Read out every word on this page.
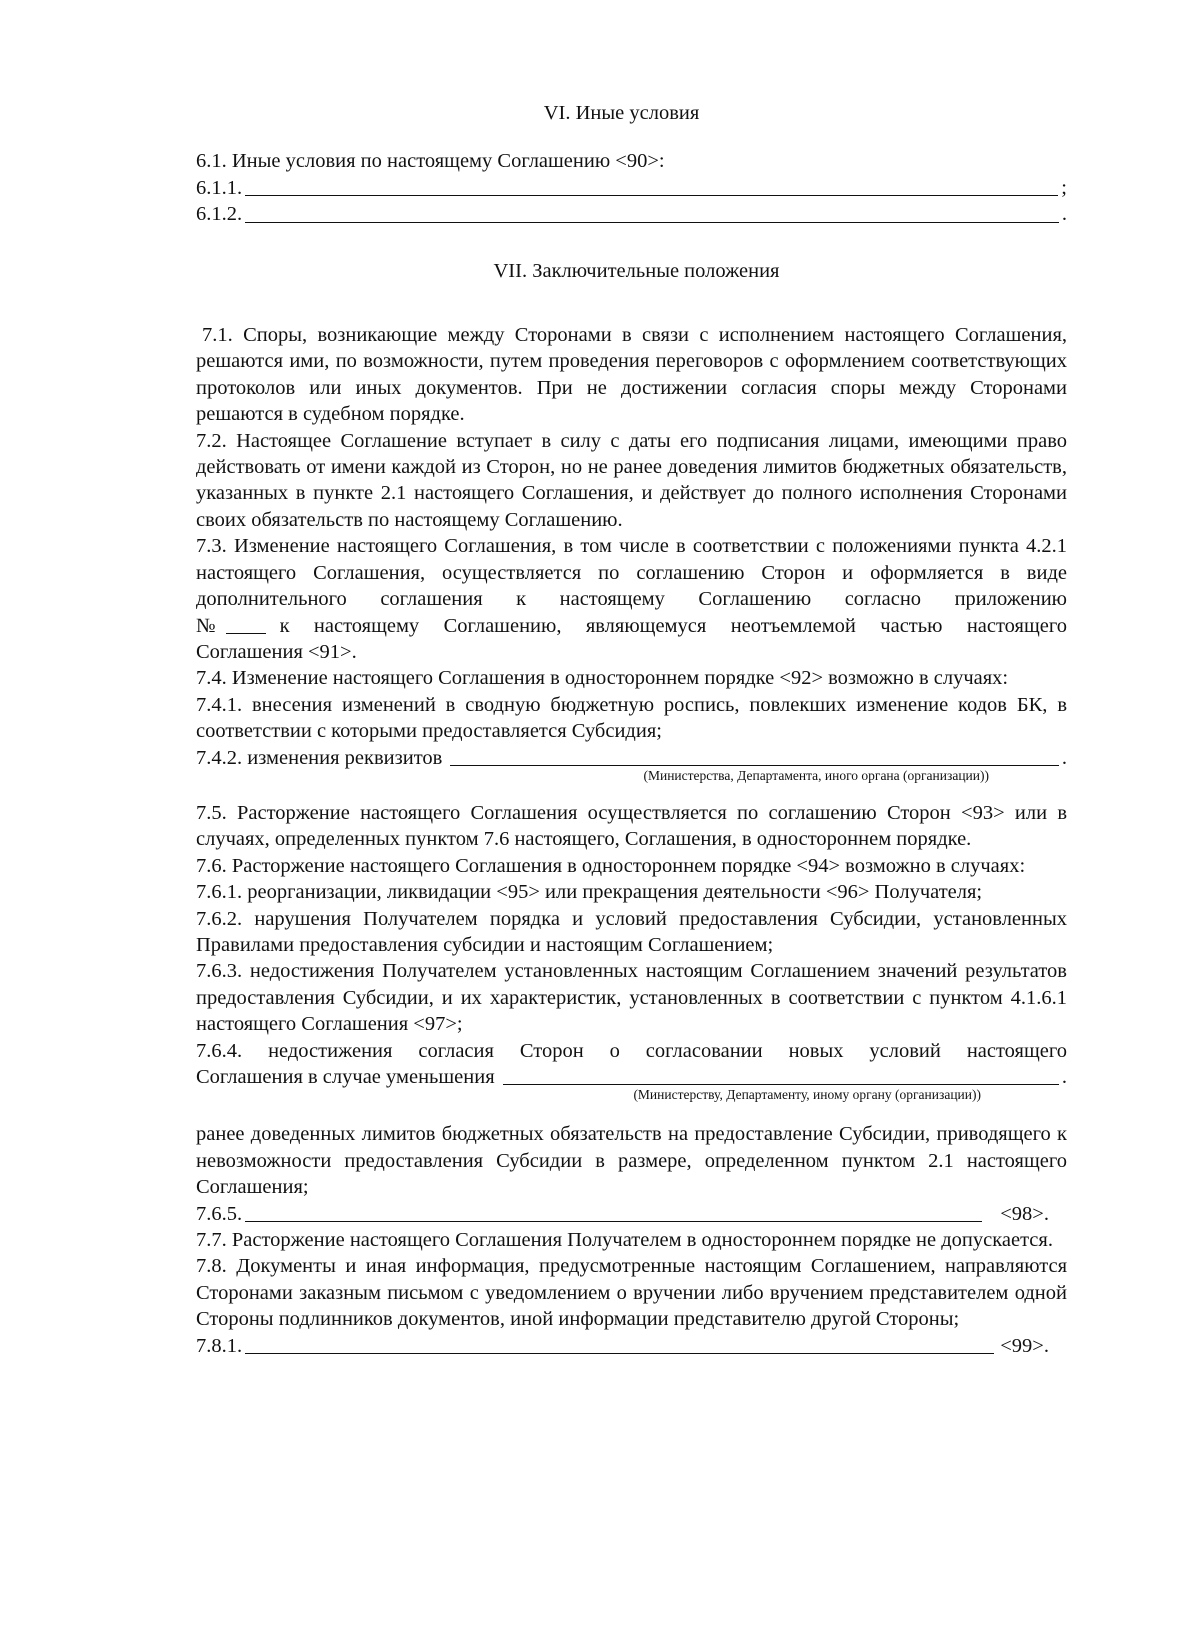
VI. Иные условия

6.1. Иные условия по настоящему Соглашению <90>:

6.1.1.	;
6.1.2.	.
VII. Заключительные положения

7.1. Споры, возникающие между Сторонами в связи с исполнением настоящего Соглашения, решаются ими, по возможности, путем проведения переговоров с оформлением соответствующих протоколов или иных документов. При не достижении согласия споры между Сторонами решаются в судебном порядке.

7.2. Настоящее Соглашение вступает в силу с даты его подписания лицами, имеющими право действовать от имени каждой из Сторон, но не ранее доведения лимитов бюджетных обязательств, указанных в пункте 2.1 настоящего Соглашения, и действует до полного исполнения Сторонами своих обязательств по настоящему Соглашению.

7.3. Изменение настоящего Соглашения, в том числе в соответствии с положениями пункта 4.2.1 настоящего Соглашения, осуществляется по соглашению Сторон и оформляется в виде дополнительного соглашения к настоящему Соглашению согласно приложению

№	к настоящему Соглашению, являющемуся неотъемлемой частью настоящего

Соглашения <91>.

7.4. Изменение настоящего Соглашения в одностороннем порядке <92> возможно в случаях:

7.4.1. внесения изменений в сводную бюджетную роспись, повлекших изменение кодов БК, в соответствии с которыми предоставляется Субсидия;

7.4.2. изменения реквизитов	.
(Министерства, Департамента, иного органа (организации))

7.5. Расторжение настоящего Соглашения осуществляется по соглашению Сторон <93> или в случаях, определенных пунктом 7.6 настоящего, Соглашения, в одностороннем порядке.

7.6. Расторжение настоящего Соглашения в одностороннем порядке <94> возможно в случаях:

7.6.1. реорганизации, ликвидации <95> или прекращения деятельности <96> Получателя;

7.6.2. нарушения Получателем порядка и условий предоставления Субсидии, установленных Правилами предоставления субсидии и настоящим Соглашением;

7.6.3. недостижения Получателем установленных настоящим Соглашением значений результатов предоставления Субсидии, и их характеристик, установленных в соответствии с пунктом 4.1.6.1 настоящего Соглашения <97>;

7.6.4. недостижения согласия Сторон о согласовании новых условий настоящего

Соглашения в случае уменьшения	.
(Министерству, Департаменту, иному органу (организации))

ранее доведенных лимитов бюджетных обязательств на предоставление Субсидии, приводящего к невозможности предоставления Субсидии в размере, определенном пунктом 2.1 настоящего Соглашения;

7.6.5.	<98>.

7.7. Расторжение настоящего Соглашения Получателем в одностороннем порядке не допускается.

7.8. Документы и иная информация, предусмотренные настоящим Соглашением, направляются Сторонами заказным письмом с уведомлением о вручении либо вручением представителем одной Стороны подлинников документов, иной информации представителю другой Стороны;

7.8.1.	<99>.
